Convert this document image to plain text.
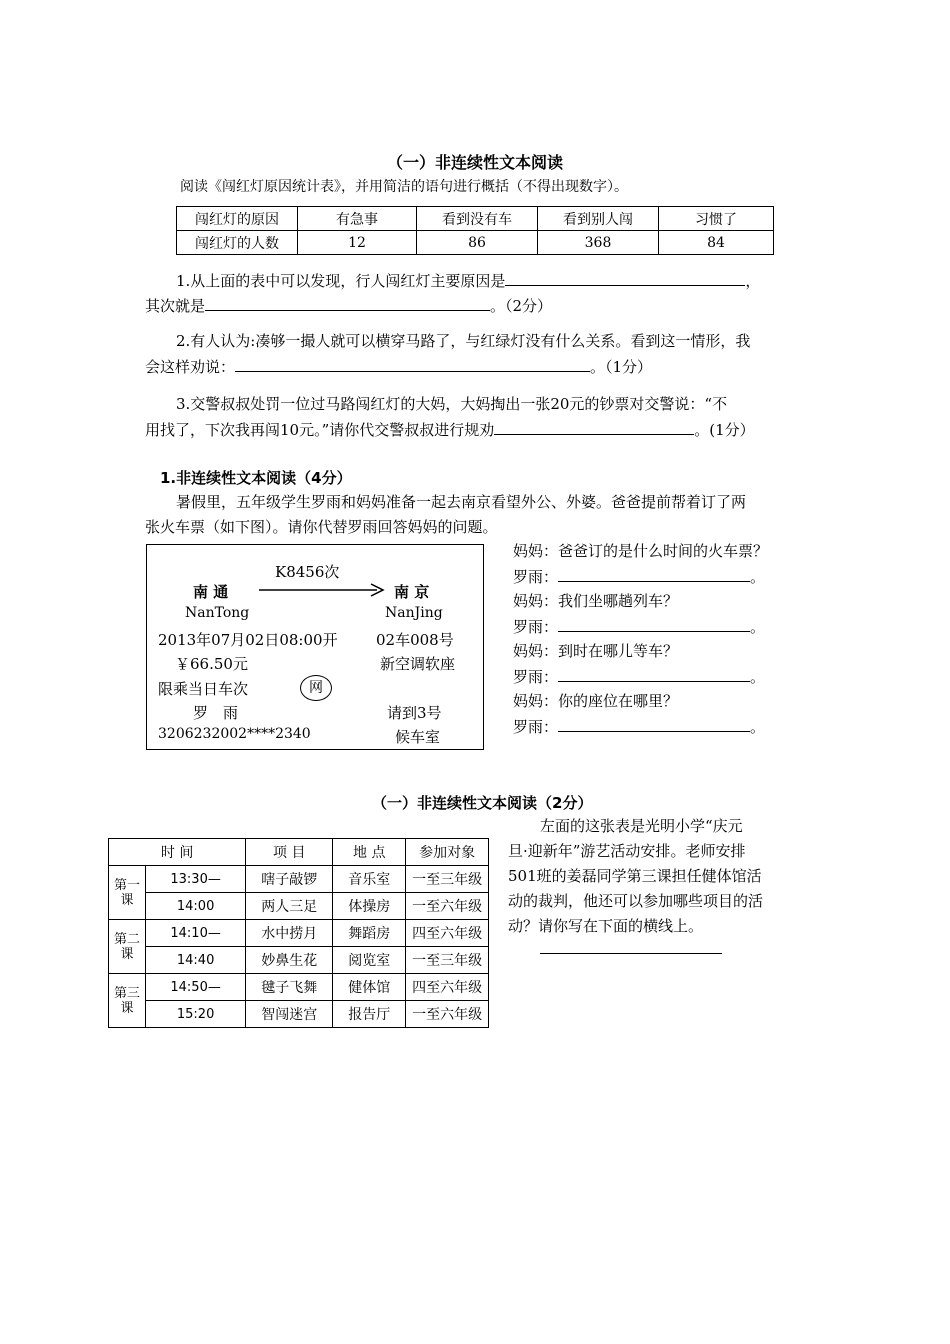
（一）非连续性文本阅读
阅读《闯红灯原因统计表》，并用简洁的语句进行概括（不得出现数字）。
闯红灯的原因	有急事	看到没有车	看到别人闯	习惯了
闯红灯的人数	12	86	368	84
1.从上面的表中可以发现，行人闯红灯主要原因是	，
其次就是	。（2分）
2.有人认为:凑够一撮人就可以横穿马路了，与红绿灯没有什么关系。看到这一情形，我
会这样劝说：	。（1分）
3.交警叔叔处罚一位过马路闯红灯的大妈，大妈掏出一张20元的钞票对交警说：“不
用找了，下次我再闯10元。”请你代交警叔叔进行规劝	。(1分）
1.非连续性文本阅读（4分）
暑假里，五年级学生罗雨和妈妈准备一起去南京看望外公、外婆。爸爸提前帮着订了两
张火车票（如下图）。请你代替罗雨回答妈妈的问题。
K8456次
南 通	南 京
NanTong	NanJing
2013年07月02日08:00开	02车008号
￥66.50元	新空调软座
限乘当日车次	网
罗　雨	请到3号
3206232002****2340	候车室
妈妈：爸爸订的是什么时间的火车票？
罗雨：	。
妈妈：我们坐哪趟列车？
罗雨：	。
妈妈：到时在哪儿等车？
罗雨：	。
妈妈：你的座位在哪里？
罗雨：	。
（一）非连续性文本阅读（2分）
时 间		项 目	地 点	参加对象
第一课	13:30—	嗐子敲锣	音乐室	一至三年级
	14:00	两人三足	体操房	一至六年级
第二课	14:10—	水中捞月	舞蹈房	四至六年级
	14:40	妙鼻生花	阅览室	一至三年级
第三课	14:50—	毽子飞舞	健体馆	四至六年级
	15:20	智闯迷宫	报告厅	一至六年级
左面的这张表是光明小学“庆元
旦·迎新年”游艺活动安排。老师安排
501班的姜磊同学第三课担任健体馆活
动的裁判，他还可以参加哪些项目的活
动？请你写在下面的横线上。
